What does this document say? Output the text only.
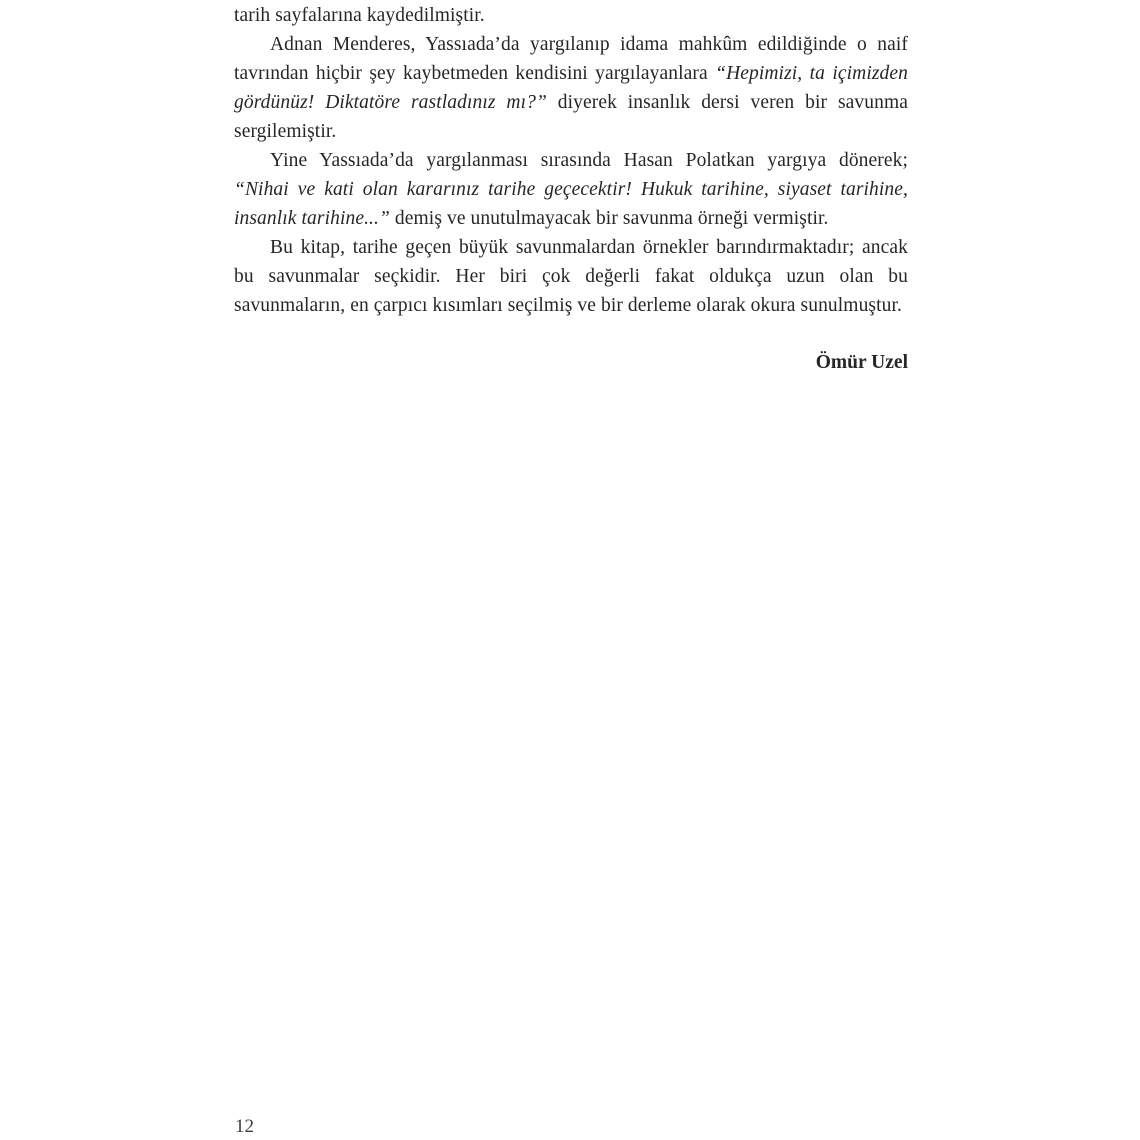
tarih sayfalarına kaydedilmiştir.

Adnan Menderes, Yassıada’da yargılanıp idama mahkûm edildiğinde o naif tavrından hiçbir şey kaybetmeden kendisini yargılayanlara “Hepimizi, ta içimizden gördünüz! Diktatöre rastladınız mı?” diyerek insanlık dersi veren bir savunma sergilemiştir.

Yine Yassıada’da yargılanması sırasında Hasan Polatkan yargıya dönerek; “Nihai ve kati olan kararınız tarihe geçecektir! Hukuk tarihine, siyaset tarihine, insanlık tarihine...” demiş ve unutulmayacak bir savunma örneği vermiştir.

Bu kitap, tarihe geçen büyük savunmalardan örnekler barındırmaktadır; ancak bu savunmalar seçkidir. Her biri çok değerli fakat oldukça uzun olan bu savunmaların, en çarpıcı kısımları seçilmiş ve bir derleme olarak okura sunulmuştur.

Ömür Uzel
12
